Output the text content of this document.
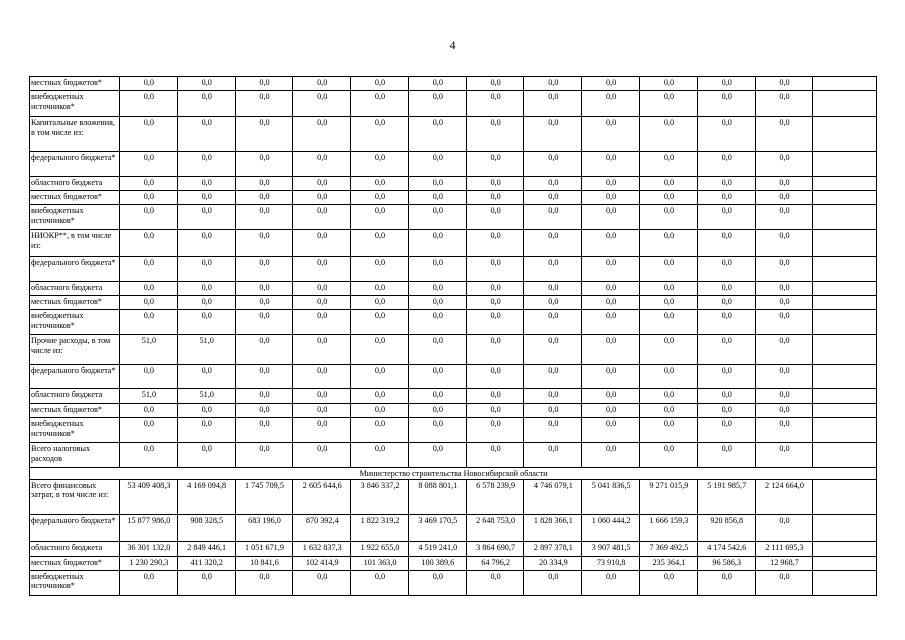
4
местных бюджетов*	0,0	0,0	0,0	0,0	0,0	0,0	0,0	0,0	0,0	0,0	0,0	0,0	
внебюджетных источников*	0,0	0,0	0,0	0,0	0,0	0,0	0,0	0,0	0,0	0,0	0,0	0,0	
Капитальные вложения, в том числе из:	0,0	0,0	0,0	0,0	0,0	0,0	0,0	0,0	0,0	0,0	0,0	0,0	
федерального бюджета*	0,0	0,0	0,0	0,0	0,0	0,0	0,0	0,0	0,0	0,0	0,0	0,0	
областного бюджета	0,0	0,0	0,0	0,0	0,0	0,0	0,0	0,0	0,0	0,0	0,0	0,0	
местных бюджетов*	0,0	0,0	0,0	0,0	0,0	0,0	0,0	0,0	0,0	0,0	0,0	0,0	
внебюджетных источников*	0,0	0,0	0,0	0,0	0,0	0,0	0,0	0,0	0,0	0,0	0,0	0,0	
НИОКР**, в том числе из:	0,0	0,0	0,0	0,0	0,0	0,0	0,0	0,0	0,0	0,0	0,0	0,0	
федерального бюджета*	0,0	0,0	0,0	0,0	0,0	0,0	0,0	0,0	0,0	0,0	0,0	0,0	
областного бюджета	0,0	0,0	0,0	0,0	0,0	0,0	0,0	0,0	0,0	0,0	0,0	0,0	
местных бюджетов*	0,0	0,0	0,0	0,0	0,0	0,0	0,0	0,0	0,0	0,0	0,0	0,0	
внебюджетных источников*	0,0	0,0	0,0	0,0	0,0	0,0	0,0	0,0	0,0	0,0	0,0	0,0	
Прочие расходы, в том числе из:	51,0	51,0	0,0	0,0	0,0	0,0	0,0	0,0	0,0	0,0	0,0	0,0	
федерального бюджета*	0,0	0,0	0,0	0,0	0,0	0,0	0,0	0,0	0,0	0,0	0,0	0,0	
областного бюджета	51,0	51,0	0,0	0,0	0,0	0,0	0,0	0,0	0,0	0,0	0,0	0,0	
местных бюджетов*	0,0	0,0	0,0	0,0	0,0	0,0	0,0	0,0	0,0	0,0	0,0	0,0	
внебюджетных источников*	0,0	0,0	0,0	0,0	0,0	0,0	0,0	0,0	0,0	0,0	0,0	0,0	
Всего налоговых расходов	0,0	0,0	0,0	0,0	0,0	0,0	0,0	0,0	0,0	0,0	0,0	0,0	
Министерство строительства Новосибирской области													
Всего финансовых затрат, в том числе из:	53 409 408,3	4 169 094,8	1 745 709,5	2 605 644,6	3 846 337,2	8 088 801,1	6 578 239,9	4 746 079,1	5 041 836,5	9 271 015,9	5 191 985,7	2 124 664,0	
федерального бюджета*	15 877 986,0	908 328,5	683 196,0	870 392,4	1 822 319,2	3 469 170,5	2 648 753,0	1 828 366,1	1 060 444,2	1 666 159,3	920 856,8	0,0	
областного бюджета	36 301 132,0	2 849 446,1	1 051 671,9	1 632 837,3	1 922 655,0	4 519 241,0	3 864 690,7	2 897 378,1	3 907 481,5	7 369 492,5	4 174 542,6	2 111 695,3	
местных бюджетов*	1 230 290,3	411 320,2	10 841,6	102 414,9	101 363,0	100 389,6	64 796,2	20 334,9	73 910,8	235 364,1	96 586,3	12 968,7	
внебюджетных источников*	0,0	0,0	0,0	0,0	0,0	0,0	0,0	0,0	0,0	0,0	0,0	0,0	
